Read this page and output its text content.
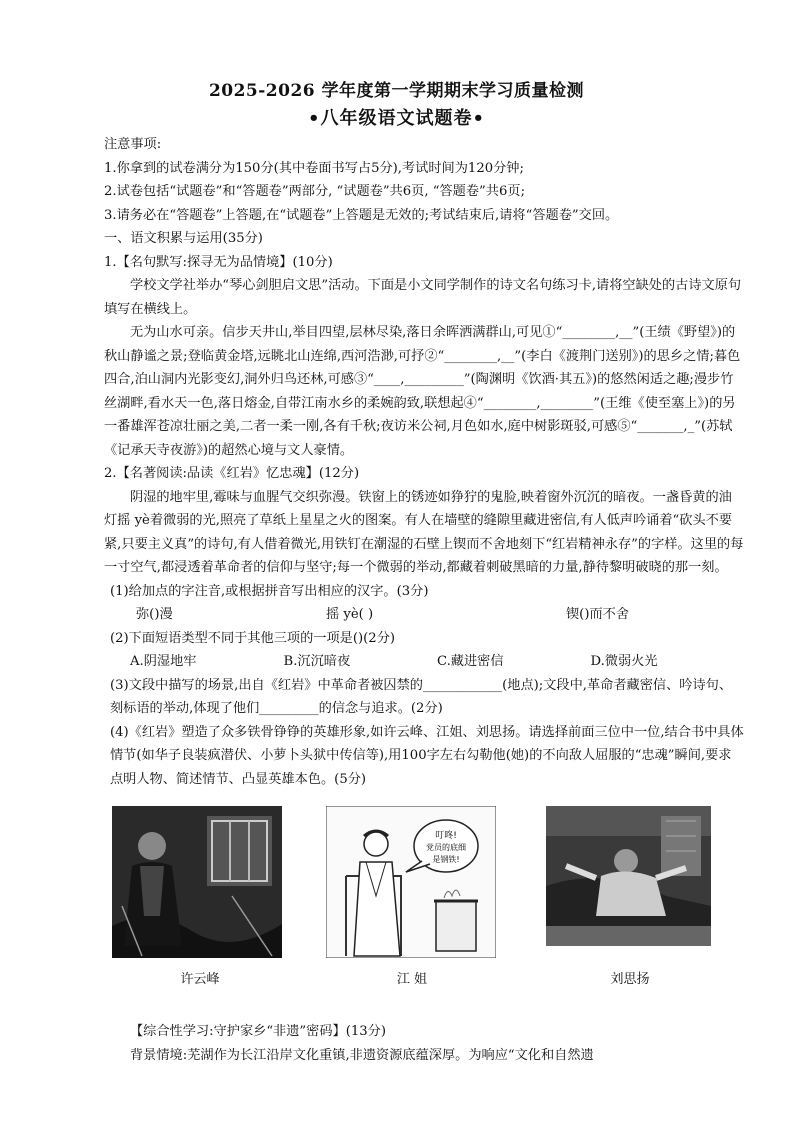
2025-2026 学年度第一学期期末学习质量检测
•八年级语文试题卷•

注意事项:

1.你拿到的试卷满分为150分(其中卷面书写占5分),考试时间为120分钟;

2.试卷包括“试题卷”和“答题卷”两部分, “试题卷”共6页, “答题卷”共6页;

3.请务必在“答题卷”上答题,在“试题卷”上答题是无效的;考试结束后,请将“答题卷”交回。

一、语文积累与运用(35分)

1.【名句默写:探寻无为品情境】(10分)

学校文学社举办“琴心剑胆启文思”活动。下面是小文同学制作的诗文名句练习卡,请将空缺处的古诗文原句填写在横线上。

无为山水可亲。信步天井山,举目四望,层林尽染,落日余晖洒满群山,可见①“________,__”(王绩《野望》)的秋山静谧之景;登临黄金塔,远眺北山连绵,西河浩渺,可抒②“________,__”(李白《渡荆门送别》)的思乡之情;暮色四合,泊山洞内光影变幻,洞外归鸟还林,可感③“____,_________”(陶渊明《饮酒·其五》)的悠然闲适之趣;漫步竹丝湖畔,看水天一色,落日熔金,自带江南水乡的柔婉韵致,联想起④“________,________”(王维《使至塞上》)的另一番雄浑苍凉壮丽之美,二者一柔一刚,各有千秋;夜访米公祠,月色如水,庭中树影斑驳,可感⑤“_______,_”(苏轼《记承天寺夜游》)的超然心境与文人豪情。

2.【名著阅读:品读《红岩》忆忠魂】(12分)

阴湿的地牢里,霉味与血腥气交织弥漫。铁窗上的锈迹如狰狞的鬼脸,映着窗外沉沉的暗夜。一盏昏黄的油灯摇 yè着微弱的光,照亮了草纸上星星之火的图案。有人在墙壁的缝隙里藏进密信,有人低声吟诵着“砍头不要紧,只要主义真”的诗句,有人借着微光,用铁钉在潮湿的石壁上锲而不舍地刻下“红岩精神永存”的字样。这里的每一寸空气,都浸透着革命者的信仰与坚守;每一个微弱的举动,都藏着刺破黑暗的力量,静待黎明破晓的那一刻。

(1)给加点的字注音,或根据拼音写出相应的汉字。(3分)

弥()漫	摇 yè( )	锲()而不舍

(2)下面短语类型不同于其他三项的一项是()(2分)

A.阴湿地牢	B.沉沉暗夜	C.藏进密信	D.微弱火光

(3)文段中描写的场景,出自《红岩》中革命者被囚禁的____________(地点);文段中,革命者藏密信、吟诗句、刻标语的举动,体现了他们_________的信念与追求。(2分)

(4)《红岩》塑造了众多铁骨铮铮的英雄形象,如许云峰、江姐、刘思扬。请选择前面三位中一位,结合书中具体情节(如华子良装疯潜伏、小萝卜头狱中传信等),用100字左右勾勒他(她)的不向敌人屈服的“忠魂”瞬间,要求点明人物、简述情节、凸显英雄本色。(5分)

叮咚!
党员的底细
是钢铁!
许云峰	江 姐	刘思扬

【综合性学习:守护家乡“非遗”密码】(13分)

背景情境:芜湖作为长江沿岸文化重镇,非遗资源底蕴深厚。为响应“文化和自然遗
